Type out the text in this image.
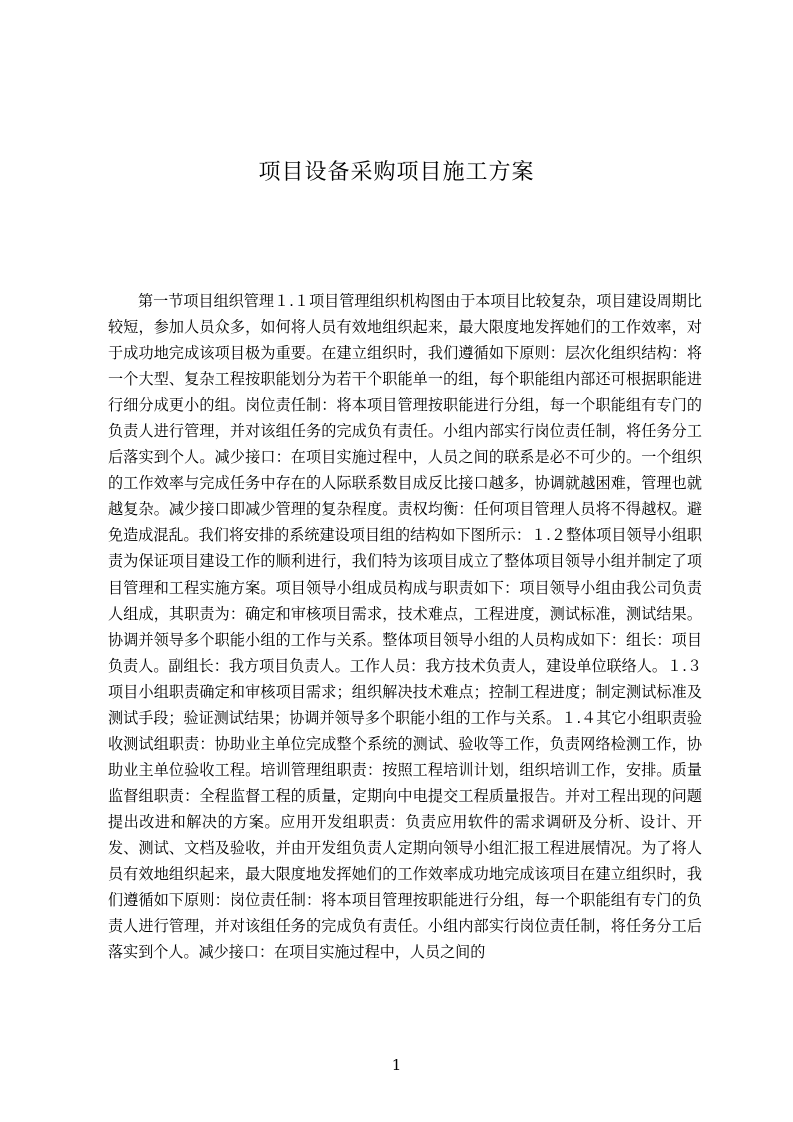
项目设备采购项目施工方案

第一节项目组织管理１.１项目管理组织机构图由于本项目比较复杂，项目建设周期比较短，参加人员众多，如何将人员有效地组织起来，最大限度地发挥她们的工作效率，对于成功地完成该项目极为重要。在建立组织时，我们遵循如下原则：层次化组织结构：将一个大型、复杂工程按职能划分为若干个职能单一的组，每个职能组内部还可根据职能进行细分成更小的组。岗位责任制：将本项目管理按职能进行分组，每一个职能组有专门的负责人进行管理，并对该组任务的完成负有责任。小组内部实行岗位责任制，将任务分工后落实到个人。减少接口：在项目实施过程中，人员之间的联系是必不可少的。一个组织的工作效率与完成任务中存在的人际联系数目成反比接口越多，协调就越困难，管理也就越复杂。减少接口即减少管理的复杂程度。责权均衡：任何项目管理人员将不得越权。避免造成混乱。我们将安排的系统建设项目组的结构如下图所示：１.２整体项目领导小组职责为保证项目建设工作的顺利进行，我们特为该项目成立了整体项目领导小组并制定了项目管理和工程实施方案。项目领导小组成员构成与职责如下：项目领导小组由我公司负责人组成，其职责为：确定和审核项目需求，技术难点，工程进度，测试标准，测试结果。协调并领导多个职能小组的工作与关系。整体项目领导小组的人员构成如下：组长：项目负责人。副组长：我方项目负责人。工作人员：我方技术负责人，建设单位联络人。１.３项目小组职责确定和审核项目需求；组织解决技术难点；控制工程进度；制定测试标准及测试手段；验证测试结果；协调并领导多个职能小组的工作与关系。１.４其它小组职责验收测试组职责：协助业主单位完成整个系统的测试、验收等工作，负责网络检测工作，协助业主单位验收工程。培训管理组职责：按照工程培训计划，组织培训工作，安排。质量监督组职责：全程监督工程的质量，定期向中电提交工程质量报告。并对工程出现的问题提出改进和解决的方案。应用开发组职责：负责应用软件的需求调研及分析、设计、开发、测试、文档及验收，并由开发组负责人定期向领导小组汇报工程进展情况。为了将人员有效地组织起来，最大限度地发挥她们的工作效率成功地完成该项目在建立组织时，我们遵循如下原则：岗位责任制：将本项目管理按职能进行分组，每一个职能组有专门的负责人进行管理，并对该组任务的完成负有责任。小组内部实行岗位责任制，将任务分工后落实到个人。减少接口：在项目实施过程中，人员之间的

1
